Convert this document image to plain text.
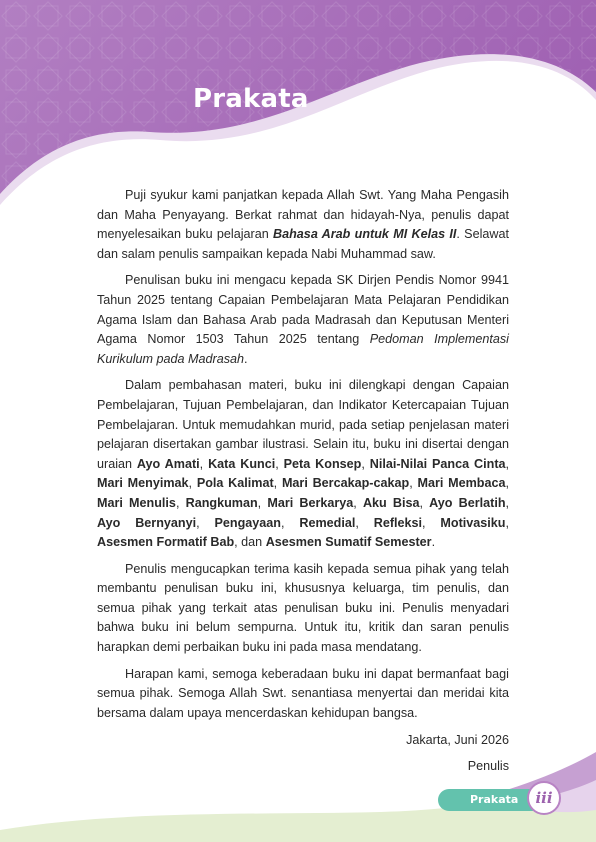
Prakata

Puji syukur kami panjatkan kepada Allah Swt. Yang Maha Pengasih dan Maha Penyayang. Berkat rahmat dan hidayah-Nya, penulis dapat menyelesaikan buku pelajaran Bahasa Arab untuk MI Kelas II. Selawat dan salam penulis sampaikan kepada Nabi Muhammad saw.

Penulisan buku ini mengacu kepada SK Dirjen Pendis Nomor 9941 Tahun 2025 tentang Capaian Pembelajaran Mata Pelajaran Pendidikan Agama Islam dan Bahasa Arab pada Madrasah dan Keputusan Menteri Agama Nomor 1503 Tahun 2025 tentang Pedoman Implementasi Kurikulum pada Madrasah.

Dalam pembahasan materi, buku ini dilengkapi dengan Capaian Pembelajaran, Tujuan Pembelajaran, dan Indikator Ketercapaian Tujuan Pembelajaran. Untuk memudahkan murid, pada setiap penjelasan materi pelajaran disertakan gambar ilustrasi. Selain itu, buku ini disertai dengan uraian Ayo Amati, Kata Kunci, Peta Konsep, Nilai-Nilai Panca Cinta, Mari Menyimak, Pola Kalimat, Mari Bercakap-cakap, Mari Membaca, Mari Menulis, Rangkuman, Mari Berkarya, Aku Bisa, Ayo Berlatih, Ayo Bernyanyi, Pengayaan, Remedial, Refleksi, Motivasiku, Asesmen Formatif Bab, dan Asesmen Sumatif Semester.

Penulis mengucapkan terima kasih kepada semua pihak yang telah membantu penulisan buku ini, khususnya keluarga, tim penulis, dan semua pihak yang terkait atas penulisan buku ini. Penulis menyadari bahwa buku ini belum sempurna. Untuk itu, kritik dan saran penulis harapkan demi perbaikan buku ini pada masa mendatang.

Harapan kami, semoga keberadaan buku ini dapat bermanfaat bagi semua pihak. Semoga Allah Swt. senantiasa menyertai dan meridai kita bersama dalam upaya mencerdaskan kehidupan bangsa.

Jakarta, Juni 2026
Penulis
Prakata	iii
